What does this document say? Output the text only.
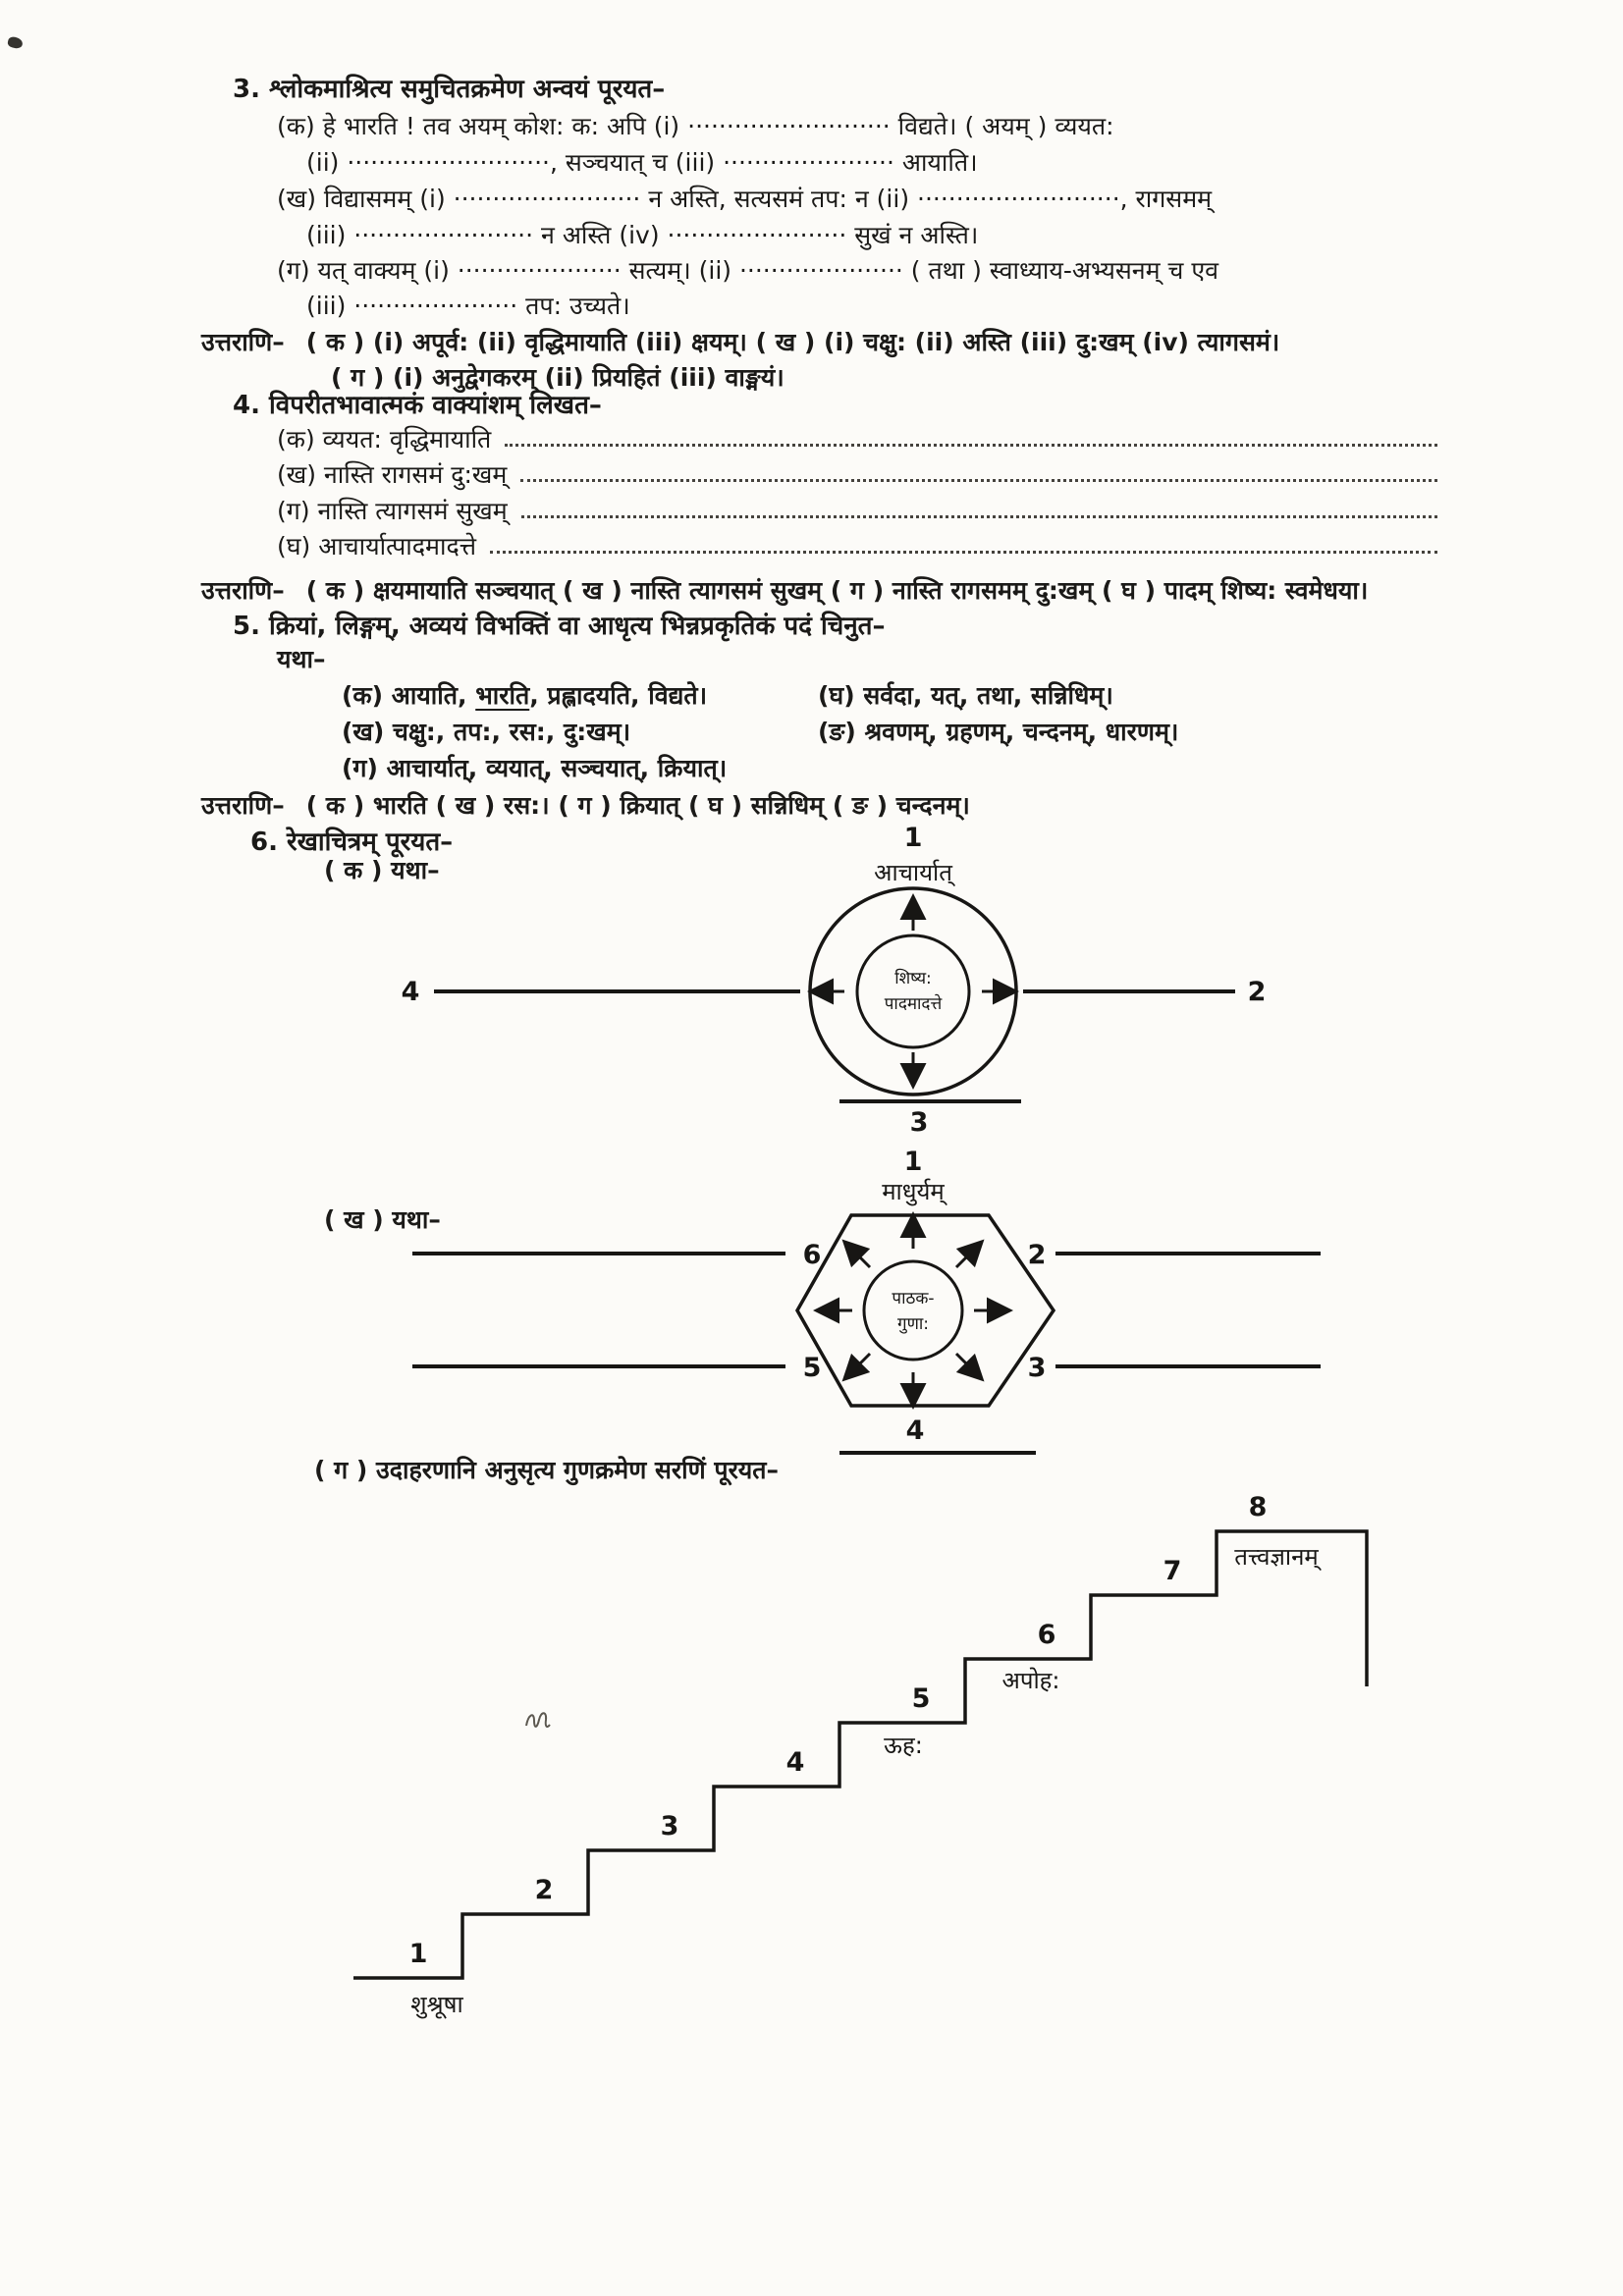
3. श्लोकमाश्रित्य समुचितक्रमेण अन्वयं पूरयत–
(क) हे भारति ! तव अयम् कोश: क: अपि (i) ·························· विद्यते। ( अयम् ) व्ययत:
(ii) ··························, सञ्चयात् च (iii) ······················ आयाति।
(ख) विद्यासमम् (i) ························ न अस्ति, सत्यसमं तप: न (ii) ··························, रागसमम्
(iii) ······················· न अस्ति (iv) ······················· सुखं न अस्ति।
(ग) यत् वाक्यम् (i) ····················· सत्यम्। (ii) ····················· ( तथा ) स्वाध्याय-अभ्यसनम् च एव
(iii) ····················· तप: उच्यते।
उत्तराणि– ( क ) (i) अपूर्व: (ii) वृद्धिमायाति (iii) क्षयम्। ( ख ) (i) चक्षु: (ii) अस्ति (iii) दु:खम् (iv) त्यागसमं।
( ग ) (i) अनुद्वेगकरम् (ii) प्रियहितं (iii) वाङ्मयं।
4. विपरीतभावात्मकं वाक्यांशम् लिखत–
(क) व्ययत: वृद्धिमायाति
(ख) नास्ति रागसमं दु:खम्
(ग) नास्ति त्यागसमं सुखम्
(घ) आचार्यात्पादमादत्ते
उत्तराणि– ( क ) क्षयमायाति सञ्चयात् ( ख ) नास्ति त्यागसमं सुखम् ( ग ) नास्ति रागसमम् दु:खम् ( घ ) पादम् शिष्य: स्वमेधया।
5. क्रियां, लिङ्गम्, अव्ययं विभक्तिं वा आधृत्य भिन्नप्रकृतिकं पदं चिनुत–
यथा–
(क) आयाति, भारति, प्रह्लादयति, विद्यते।	(घ) सर्वदा, यत्, तथा, सन्निधिम्।
(ख) चक्षु:, तप:, रस:, दु:खम्।	(ङ) श्रवणम्, ग्रहणम्, चन्दनम्, धारणम्।
(ग) आचार्यात्, व्ययात्, सञ्चयात्, क्रियात्।
उत्तराणि– ( क ) भारति ( ख ) रस:। ( ग ) क्रियात् ( घ ) सन्निधिम् ( ङ ) चन्दनम्।
6. रेखाचित्रम् पूरयत–
( क ) यथा–
1
आचार्यात्
शिष्य:
पादमादत्ते
4	2
3
( ख ) यथा–
1
माधुर्यम्
पाठक-
गुणा:
6	2
5	3
4
( ग ) उदाहरणानि अनुसृत्य गुणक्रमेण सरणिं पूरयत–
1
2
3
4
5
6
7
8
ऊह:
अपोह:
तत्त्वज्ञानम्
शुश्रूषा
